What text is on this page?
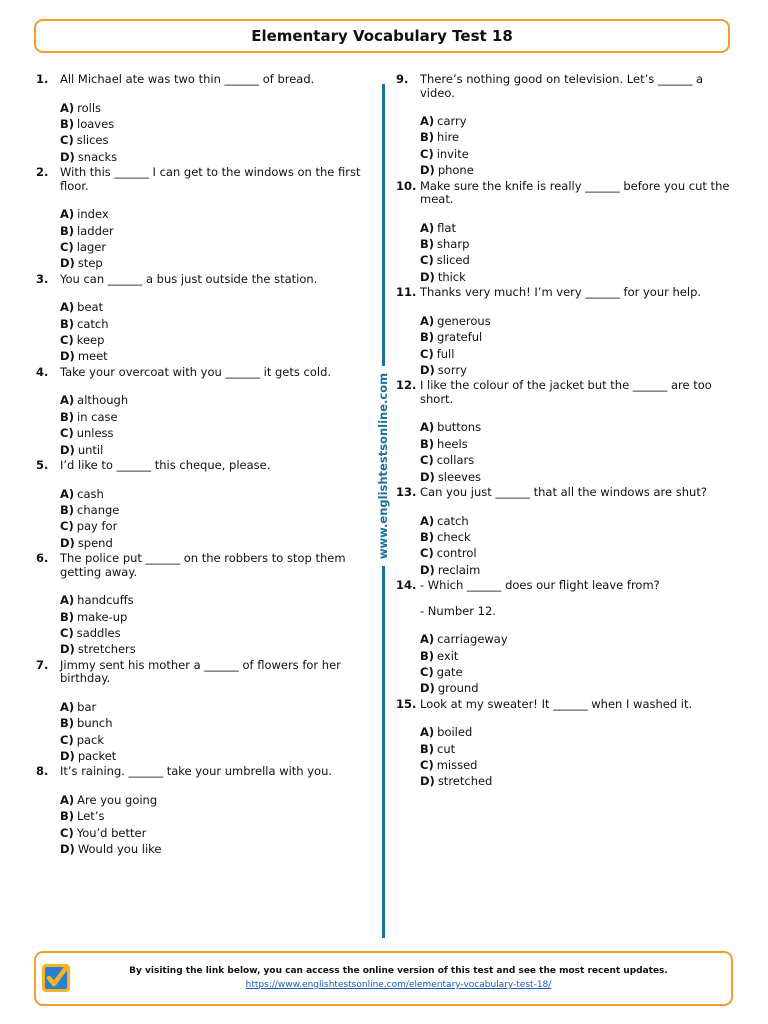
Elementary Vocabulary Test 18
1.	All Michael ate was two thin ______ of bread.
A) rolls
B) loaves
C) slices
D) snacks
2.	With this ______ I can get to the windows on the first floor.
A) index
B) ladder
C) lager
D) step
3.	You can ______ a bus just outside the station.
A) beat
B) catch
C) keep
D) meet
4.	Take your overcoat with you ______ it gets cold.
A) although
B) in case
C) unless
D) until
5.	I’d like to ______ this cheque, please.
A) cash
B) change
C) pay for
D) spend
6.	The police put ______ on the robbers to stop them getting away.
A) handcuffs
B) make-up
C) saddles
D) stretchers
7.	Jimmy sent his mother a ______ of flowers for her birthday.
A) bar
B) bunch
C) pack
D) packet
8.	It’s raining. ______ take your umbrella with you.
A) Are you going
B) Let’s
C) You’d better
D) Would you like
9.	There’s nothing good on television. Let’s ______ a video.
A) carry
B) hire
C) invite
D) phone
10. Make sure the knife is really ______ before you cut the meat.
A) flat
B) sharp
C) sliced
D) thick
11. Thanks very much! I’m very ______ for your help.
A) generous
B) grateful
C) full
D) sorry
12. I like the colour of the jacket but the ______ are too short.
A) buttons
B) heels
C) collars
D) sleeves
13. Can you just ______ that all the windows are shut?
A) catch
B) check
C) control
D) reclaim
14. - Which ______ does our flight leave from?
- Number 12.
A) carriageway
B) exit
C) gate
D) ground
15. Look at my sweater! It ______ when I washed it.
A) boiled
B) cut
C) missed
D) stretched
www.englishtestsonline.com
By visiting the link below, you can access the online version of this test and see the most recent updates.
https://www.englishtestsonline.com/elementary-vocabulary-test-18/
